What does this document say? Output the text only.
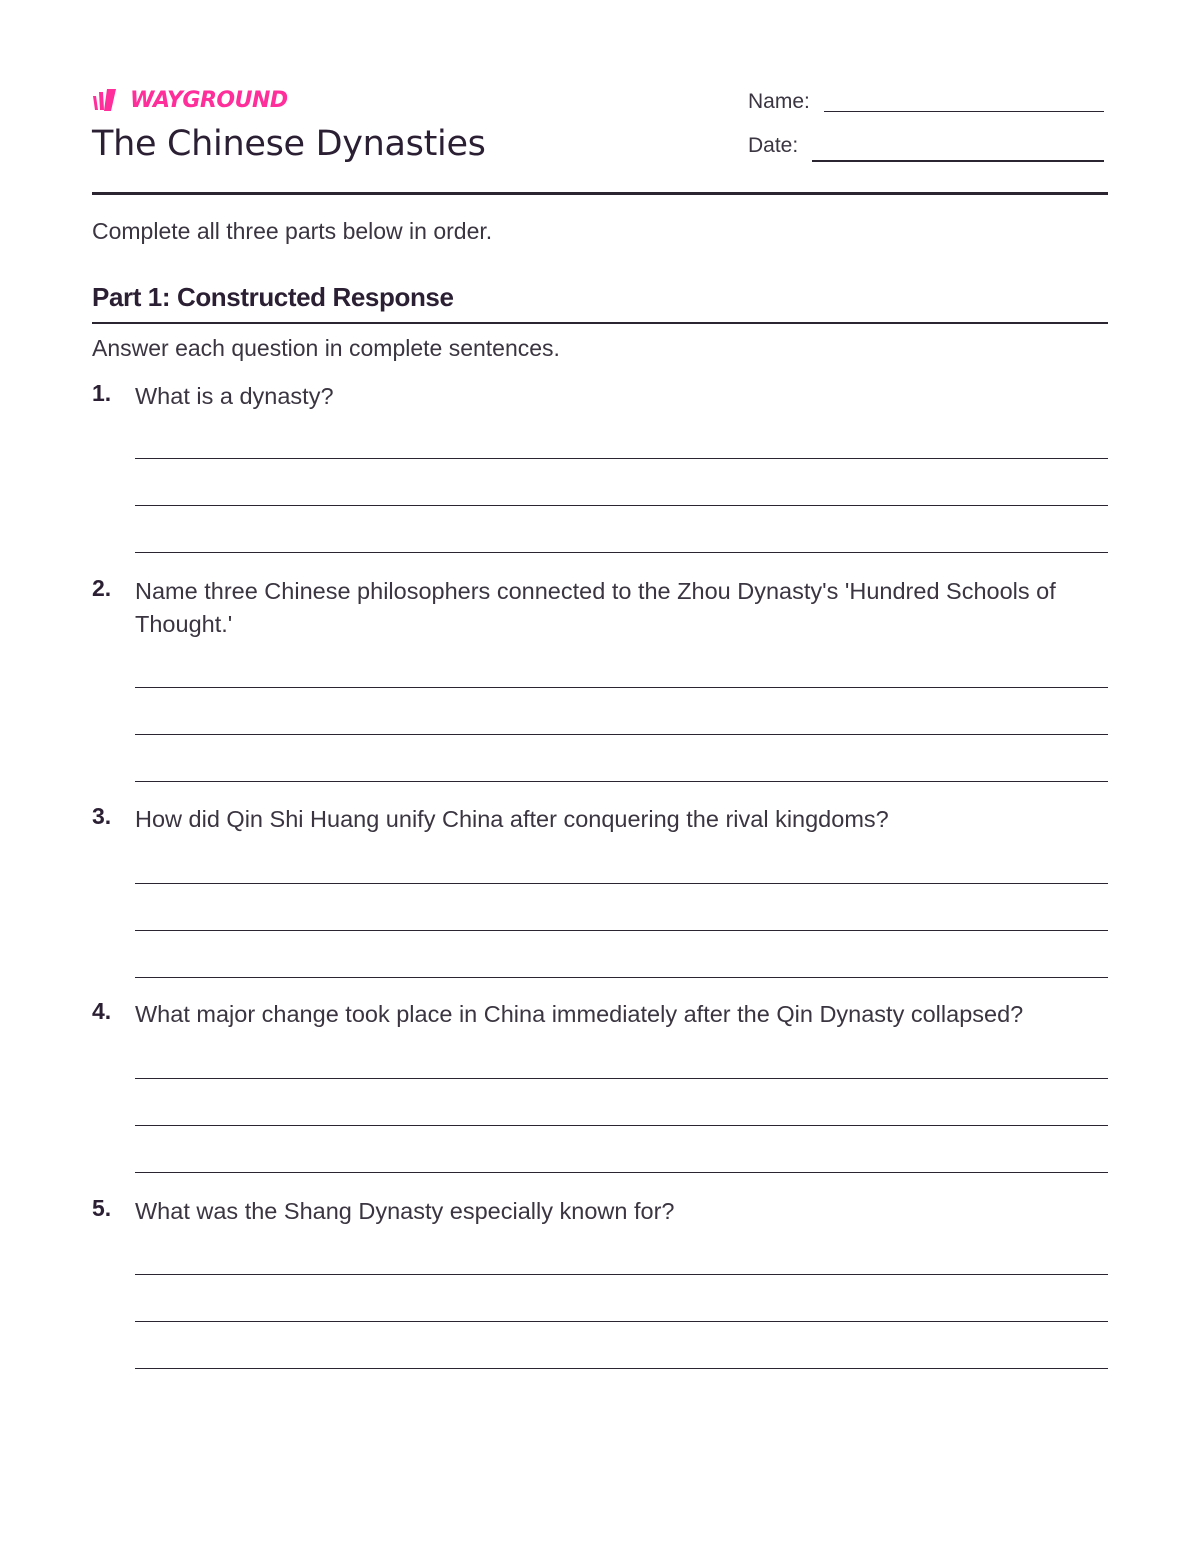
WAYGROUND
The Chinese Dynasties
Name:
Date:
Complete all three parts below in order.
Part 1: Constructed Response
Answer each question in complete sentences.
1. What is a dynasty?
2. Name three Chinese philosophers connected to the Zhou Dynasty's 'Hundred Schools of Thought.'
3. How did Qin Shi Huang unify China after conquering the rival kingdoms?
4. What major change took place in China immediately after the Qin Dynasty collapsed?
5. What was the Shang Dynasty especially known for?
